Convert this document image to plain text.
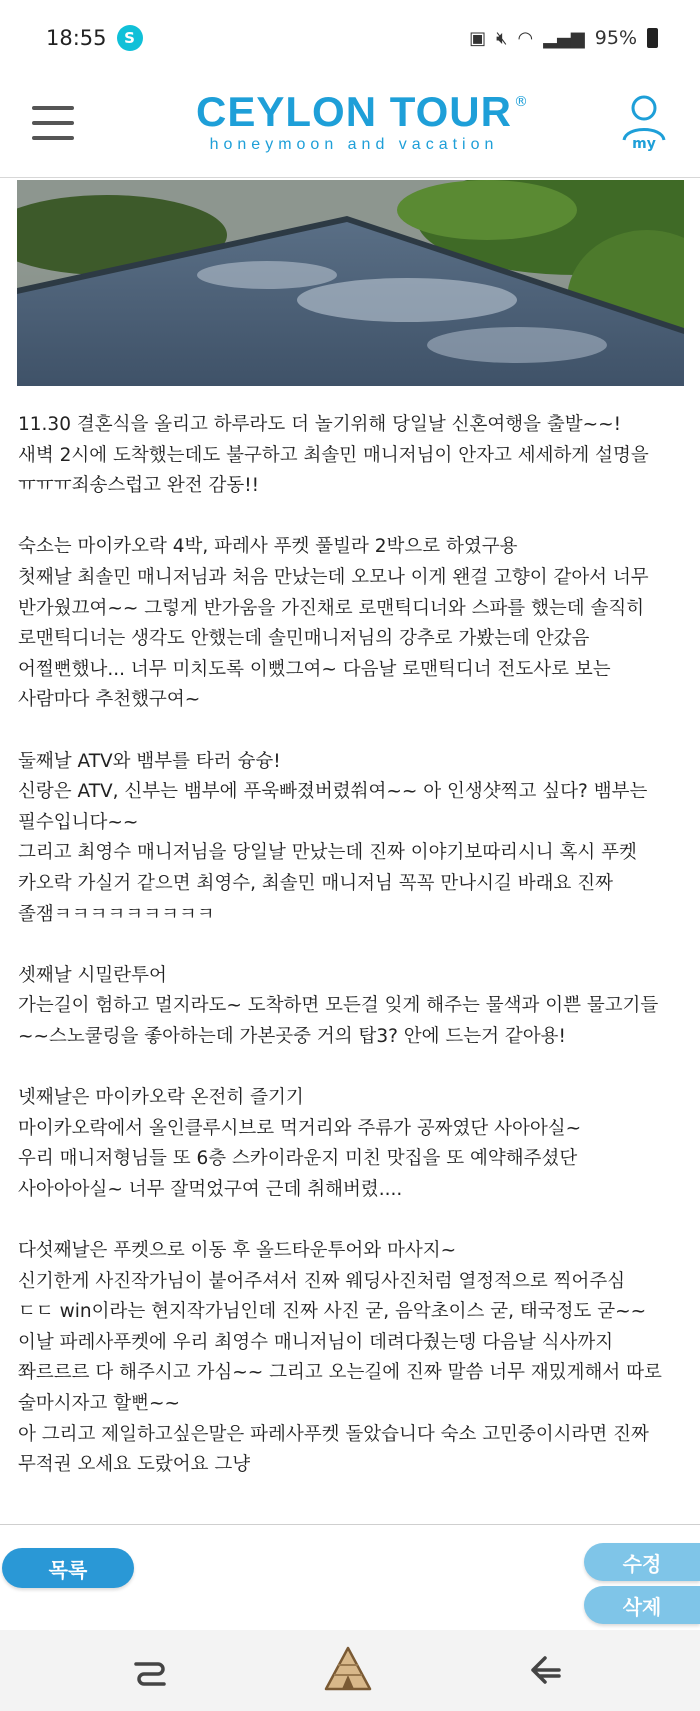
18:55	S	▣ 🔇︎ ◠ ▂▄▆ 95%
CEYLON TOUR ®
honeymoon and vacation	my
11.30 결혼식을 올리고 하루라도 더 놀기위해 당일날 신혼여행을 출발~~!
새벽 2시에 도착했는데도 불구하고 최솔민 매니저님이 안자고 세세하게 설명을
ㅠㅠㅠ죄송스럽고 완전 감동!!
숙소는 마이카오락 4박, 파레사 푸켓 풀빌라 2박으로 하였구용
첫째날 최솔민 매니저님과 처음 만났는데 오모나 이게 왠걸 고향이 같아서 너무
반가웠끄여~~ 그렇게 반가움을 가진채로 로맨틱디너와 스파를 했는데 솔직히
로맨틱디너는 생각도 안했는데 솔민매니저님의 강추로 가봤는데 안갔음
어쩔뻔했나... 너무 미치도록 이뻤그여~ 다음날 로맨틱디너 전도사로 보는
사람마다 추천했구여~
둘째날 ATV와 뱀부를 타러 슝슝!
신랑은 ATV, 신부는 뱀부에 푸욱빠졌버렸쒀여~~ 아 인생샷찍고 싶다? 뱀부는
필수입니다~~
그리고 최영수 매니저님을 당일날 만났는데 진짜 이야기보따리시니 혹시 푸켓
카오락 가실거 같으면 최영수, 최솔민 매니저님 꼭꼭 만나시길 바래요 진짜
졸잼ㅋㅋㅋㅋㅋㅋㅋㅋㅋ
셋째날 시밀란투어
가는길이 험하고 멀지라도~ 도착하면 모든걸 잊게 해주는 물색과 이쁜 물고기들
~~스노쿨링을 좋아하는데 가본곳중 거의 탑3? 안에 드는거 같아용!
넷째날은 마이카오락 온전히 즐기기
마이카오락에서 올인클루시브로 먹거리와 주류가 공짜였단 사아아실~
우리 매니저형님들 또 6층 스카이라운지 미친 맛집을 또 예약해주셨단
사아아아실~ 너무 잘먹었구여 근데 취해버렸....
다섯째날은 푸켓으로 이동 후 올드타운투어와 마사지~
신기한게 사진작가님이 붙어주셔서 진짜 웨딩사진처럼 열정적으로 찍어주심
ㄷㄷ win이라는 현지작가님인데 진짜 사진 굳, 음악초이스 굳, 태국정도 굳~~
이날 파레사푸켓에 우리 최영수 매니저님이 데려다줬는뎅 다음날 식사까지
쫘르르르 다 해주시고 가심~~ 그리고 오는길에 진짜 말씀 너무 재밌게해서 따로
술마시자고 할뻔~~
아 그리고 제일하고싶은말은 파레사푸켓 돌았습니다 숙소 고민중이시라면 진짜
무적권 오세요 도랐어요 그냥
목록	수정
삭제
